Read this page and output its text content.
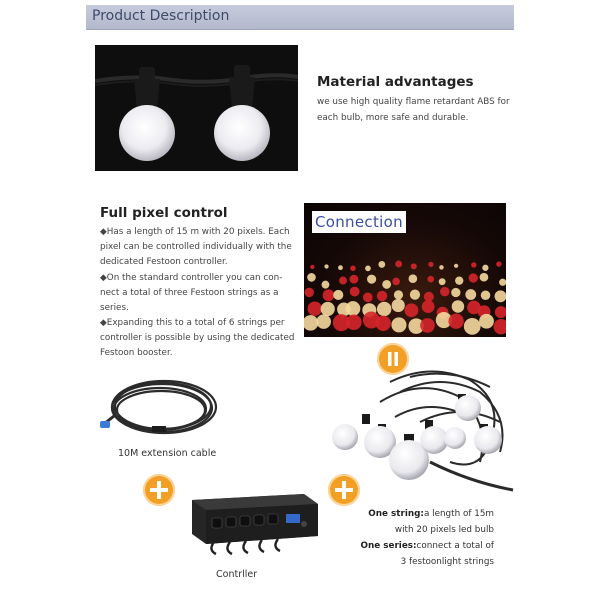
Product Description
Material advantages
we use high quality flame retardant ABS for
each bulb, more safe and durable.
Full pixel control
◆Has a length of 15 m with 20 pixels. Each
pixel can be controlled individually with the
dedicated Festoon controller.
◆On the standard controller you can con-
nect a total of three Festoon strings as a
series.
◆Expanding this to a total of 6 strings per
controller is possible by using the dedicated
Festoon booster.
Connection
10M extension cable
Contrller
One string:a length of 15m
with 20 pixels led bulb
One series:connect a total of
3 festoonlight strings
